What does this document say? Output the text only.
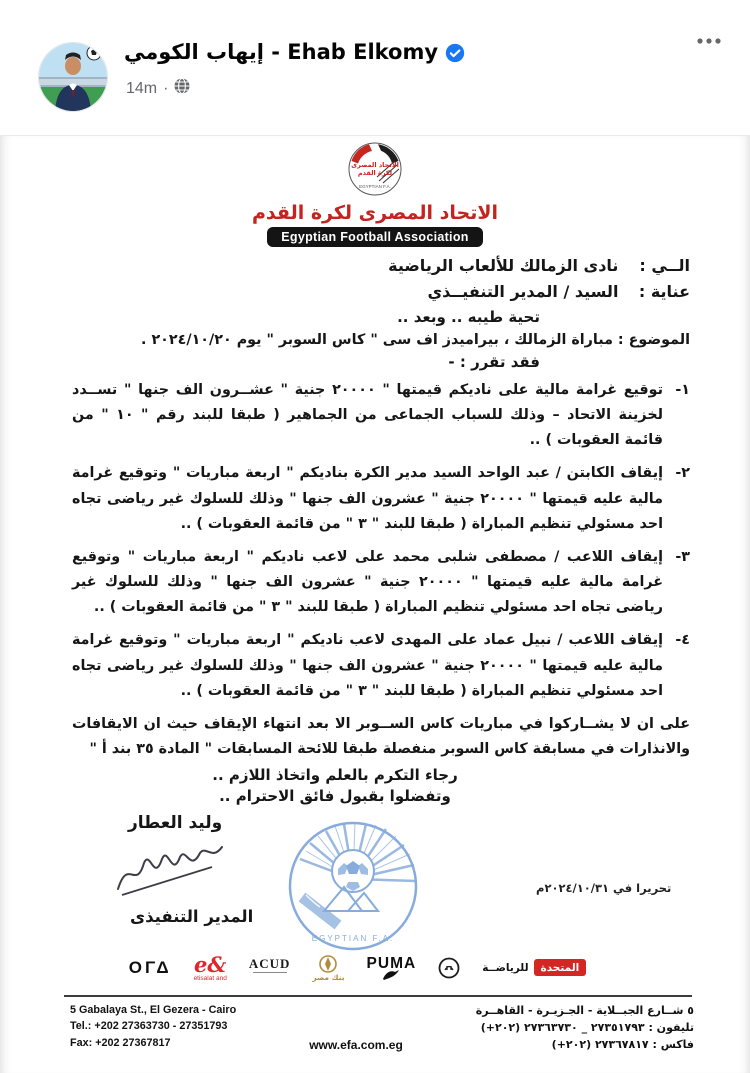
إيهاب الكومي - Ehab Elkomy
14m ·
الاتحاد المصرى
لكرة القدم
EGYPTIAN F.A.
الاتحاد المصرى لكرة القدم
Egyptian Football Association
الــي : نادى الزمالك للألعاب الرياضية
عناية : السيد / المدير التنفيــذي
تحية طيبه .. وبعد ..
الموضوع : مباراة الزمالك ، بيراميدز اف سى " كاس السوبر " يوم ٢٠٢٤/١٠/٢٠ .
فقد تقرر : -
١-
توقيع غرامة مالية على ناديكم قيمتها " ٢٠٠٠٠ جنية " عشــرون الف جنها " تســدد لخزينة الاتحاد – وذلك للسباب الجماعى من الجماهير ( طبقا للبند رقم " ١٠ " من قائمة العقوبات ) ..
٢-
إيقاف الكابتن / عبد الواحد السيد مدير الكرة بناديكم " اربعة مباريات " وتوقيع غرامة مالية عليه قيمتها " ٢٠٠٠٠ جنية " عشرون الف جنها " وذلك للسلوك غير رياضى تجاه احد مسئولي تنظيم المباراة ( طبقا للبند " ٣ " من قائمة العقوبات ) ..
٣-
إيقاف اللاعب / مصطفى شلبى محمد على لاعب ناديكم " اربعة مباريات " وتوقيع غرامة مالية عليه قيمتها " ٢٠٠٠٠ جنية " عشرون الف جنها " وذلك للسلوك غير رياضى تجاه احد مسئولي تنظيم المباراة ( طبقا للبند " ٣ " من قائمة العقوبات ) ..
٤-
إيقاف اللاعب / نبيل عماد على المهدى لاعب ناديكم " اربعة مباريات " وتوقيع غرامة مالية عليه قيمتها " ٢٠٠٠٠ جنية " عشرون الف جنها " وذلك للسلوك غير رياضى تجاه احد مسئولي تنظيم المباراة ( طبقا للبند " ٣ " من قائمة العقوبات ) ..
على ان لا يشــاركوا في مباريات كاس الســوبر الا بعد انتهاء الإيقاف حيث ان الايقافات والانذارات في مسابقة كاس السوبر منفصلة طبقا للائحة المسابقات " المادة ٣٥ بند أ "
رجاء التكرم بالعلم واتخاذ اللازم ..
وتفضلوا بقبول فائق الاحترام ..
وليد العطار
المدير التنفيذى
EGYPTIAN F.A.
تحريرا في ٢٠٢٤/١٠/٣١م
OΓΔ e&
etisalat and
ACUD
بنك مصر
PUMA	للرياضــة	المتحدة
5 Gabalaya St., El Gezera - Cairo
Tel.: +202 27363730 - 27351793
Fax: +202 27367817	www.efa.com.eg
٥ شــارع الجبــلاية - الجـزيـرة - القاهــرة
تليفون : ٢٧٣٥١٧٩٣ _ ٢٧٣٦٣٧٣٠ (٢٠٢+)
فاكس : ٢٧٣٦٧٨١٧ (٢٠٢+)
